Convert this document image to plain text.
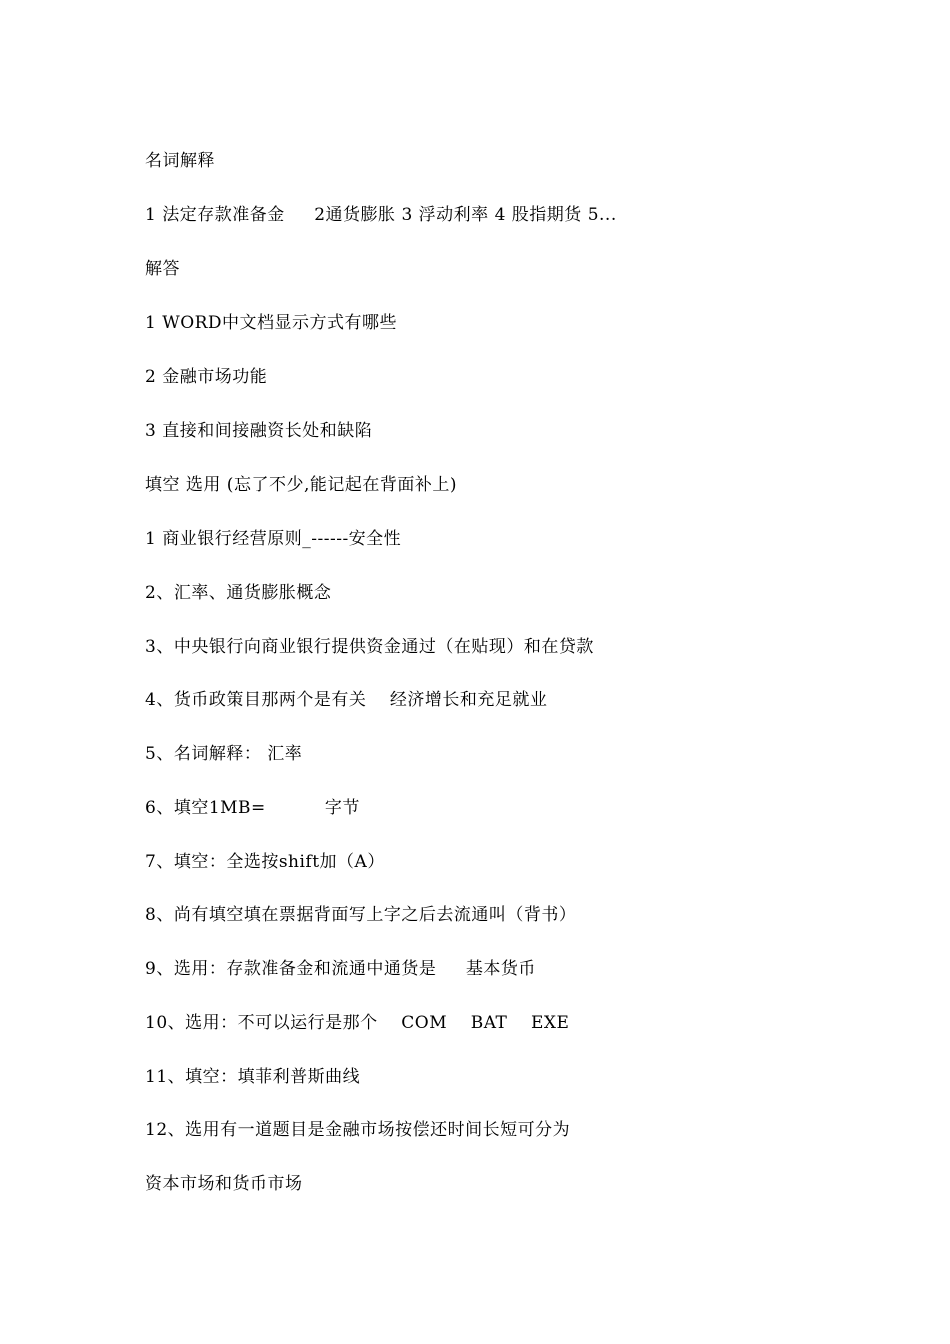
名词解释
1 法定存款准备金     2通货膨胀 3 浮动利率 4 股指期货 5...
解答
1 WORD中文档显示方式有哪些
2 金融市场功能
3 直接和间接融资长处和缺陷
填空 选用 (忘了不少,能记起在背面补上)
1 商业银行经营原则_------安全性
2、汇率、通货膨胀概念
3、中央银行向商业银行提供资金通过（在贴现）和在贷款
4、货币政策目那两个是有关    经济增长和充足就业
5、名词解释： 汇率
6、填空1MB=          字节
7、填空：全选按shift加（A）
8、尚有填空填在票据背面写上字之后去流通叫（背书）
9、选用：存款准备金和流通中通货是     基本货币
10、选用：不可以运行是那个    COM    BAT    EXE
11、填空：填菲利普斯曲线
12、选用有一道题目是金融市场按偿还时间长短可分为
资本市场和货币市场
